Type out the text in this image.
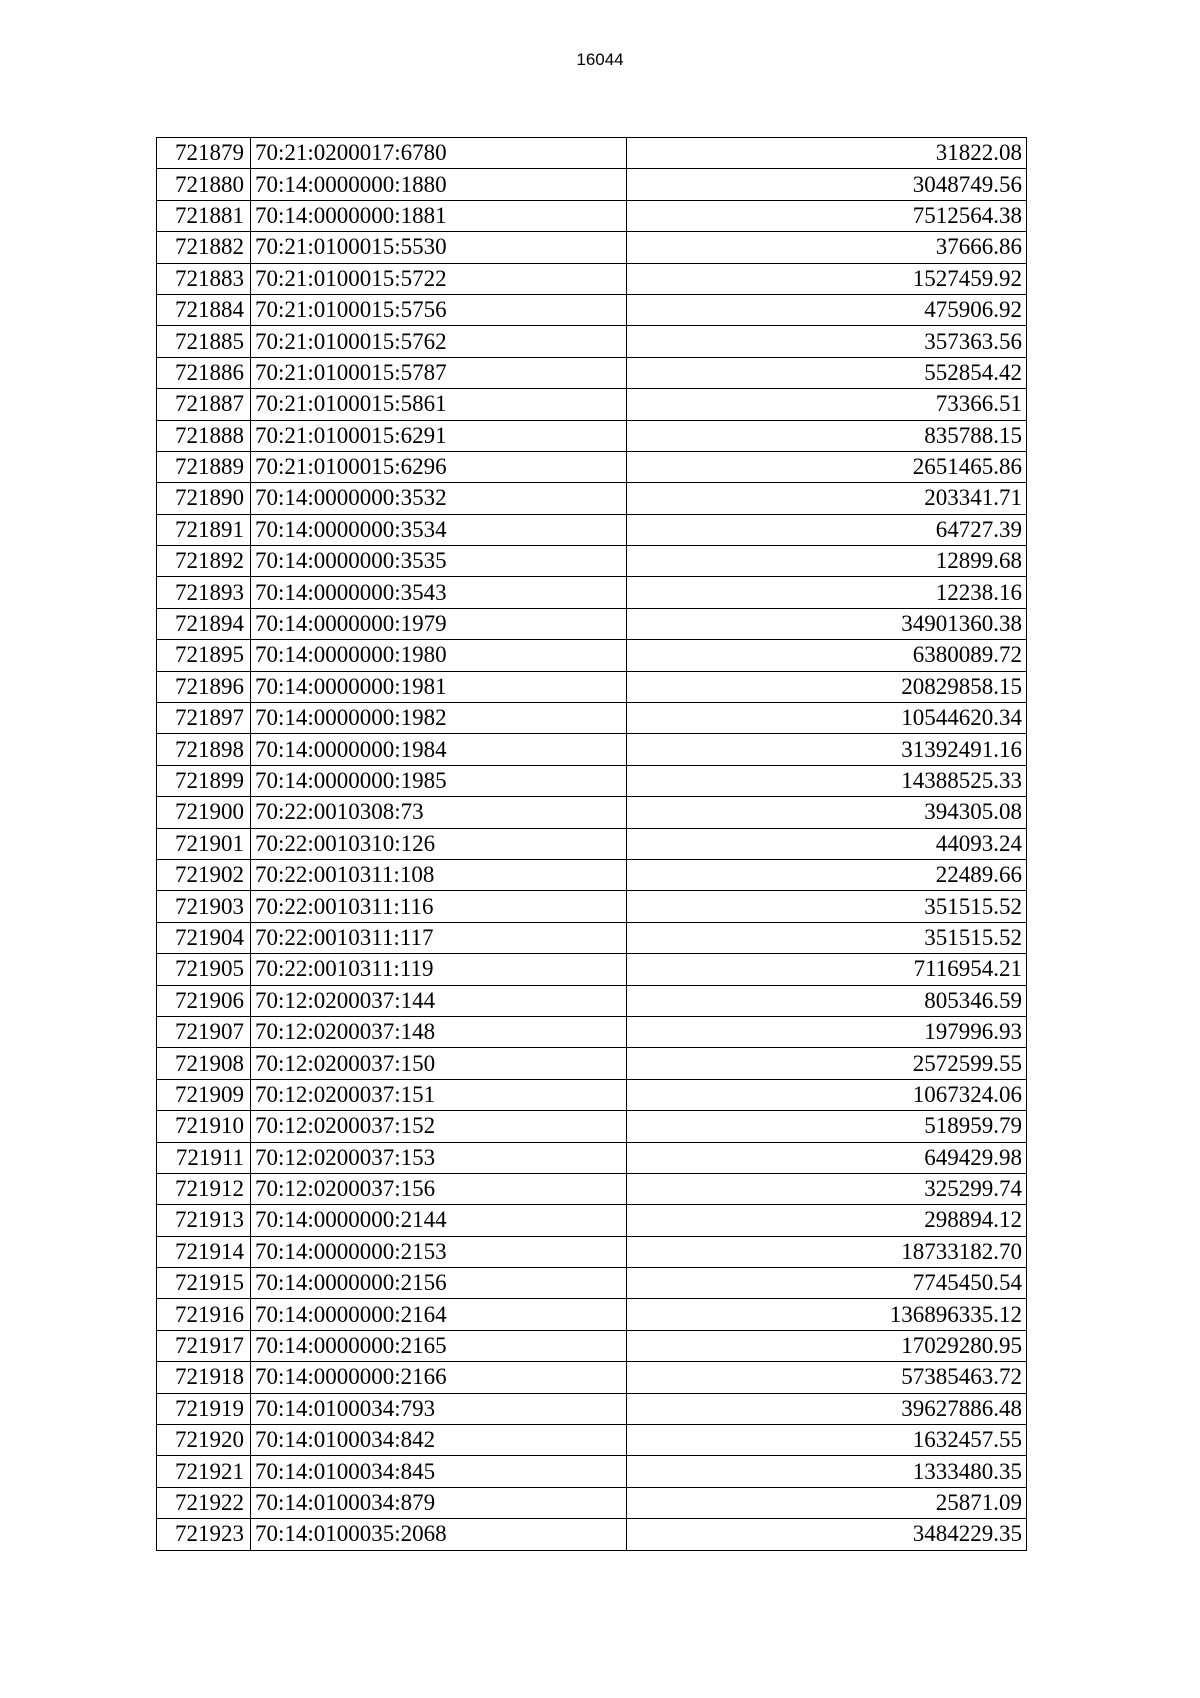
16044
721879	70:21:0200017:6780	31822.08
721880	70:14:0000000:1880	3048749.56
721881	70:14:0000000:1881	7512564.38
721882	70:21:0100015:5530	37666.86
721883	70:21:0100015:5722	1527459.92
721884	70:21:0100015:5756	475906.92
721885	70:21:0100015:5762	357363.56
721886	70:21:0100015:5787	552854.42
721887	70:21:0100015:5861	73366.51
721888	70:21:0100015:6291	835788.15
721889	70:21:0100015:6296	2651465.86
721890	70:14:0000000:3532	203341.71
721891	70:14:0000000:3534	64727.39
721892	70:14:0000000:3535	12899.68
721893	70:14:0000000:3543	12238.16
721894	70:14:0000000:1979	34901360.38
721895	70:14:0000000:1980	6380089.72
721896	70:14:0000000:1981	20829858.15
721897	70:14:0000000:1982	10544620.34
721898	70:14:0000000:1984	31392491.16
721899	70:14:0000000:1985	14388525.33
721900	70:22:0010308:73	394305.08
721901	70:22:0010310:126	44093.24
721902	70:22:0010311:108	22489.66
721903	70:22:0010311:116	351515.52
721904	70:22:0010311:117	351515.52
721905	70:22:0010311:119	7116954.21
721906	70:12:0200037:144	805346.59
721907	70:12:0200037:148	197996.93
721908	70:12:0200037:150	2572599.55
721909	70:12:0200037:151	1067324.06
721910	70:12:0200037:152	518959.79
721911	70:12:0200037:153	649429.98
721912	70:12:0200037:156	325299.74
721913	70:14:0000000:2144	298894.12
721914	70:14:0000000:2153	18733182.70
721915	70:14:0000000:2156	7745450.54
721916	70:14:0000000:2164	136896335.12
721917	70:14:0000000:2165	17029280.95
721918	70:14:0000000:2166	57385463.72
721919	70:14:0100034:793	39627886.48
721920	70:14:0100034:842	1632457.55
721921	70:14:0100034:845	1333480.35
721922	70:14:0100034:879	25871.09
721923	70:14:0100035:2068	3484229.35
